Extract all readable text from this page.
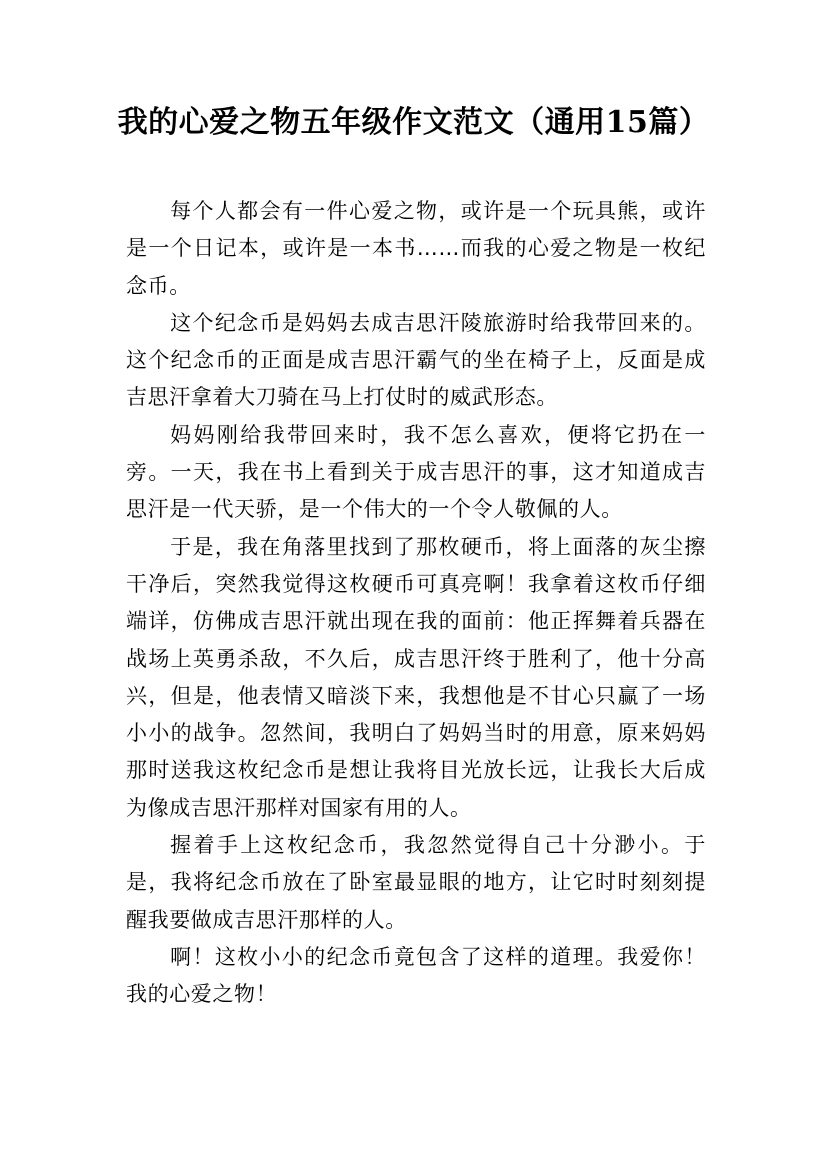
我的心爱之物五年级作文范文（通用15篇）

每个人都会有一件心爱之物，或许是一个玩具熊，或许是一个日记本，或许是一本书……而我的心爱之物是一枚纪念币。

这个纪念币是妈妈去成吉思汗陵旅游时给我带回来的。这个纪念币的正面是成吉思汗霸气的坐在椅子上，反面是成吉思汗拿着大刀骑在马上打仗时的威武形态。

妈妈刚给我带回来时，我不怎么喜欢，便将它扔在一旁。一天，我在书上看到关于成吉思汗的事，这才知道成吉思汗是一代天骄，是一个伟大的一个令人敬佩的人。

于是，我在角落里找到了那枚硬币，将上面落的灰尘擦干净后，突然我觉得这枚硬币可真亮啊！我拿着这枚币仔细端详，仿佛成吉思汗就出现在我的面前：他正挥舞着兵器在战场上英勇杀敌，不久后，成吉思汗终于胜利了，他十分高兴，但是，他表情又暗淡下来，我想他是不甘心只赢了一场小小的战争。忽然间，我明白了妈妈当时的用意，原来妈妈那时送我这枚纪念币是想让我将目光放长远，让我长大后成为像成吉思汗那样对国家有用的人。

握着手上这枚纪念币，我忽然觉得自己十分渺小。于是，我将纪念币放在了卧室最显眼的地方，让它时时刻刻提醒我要做成吉思汗那样的人。

啊！这枚小小的纪念币竟包含了这样的道理。我爱你！我的心爱之物！
